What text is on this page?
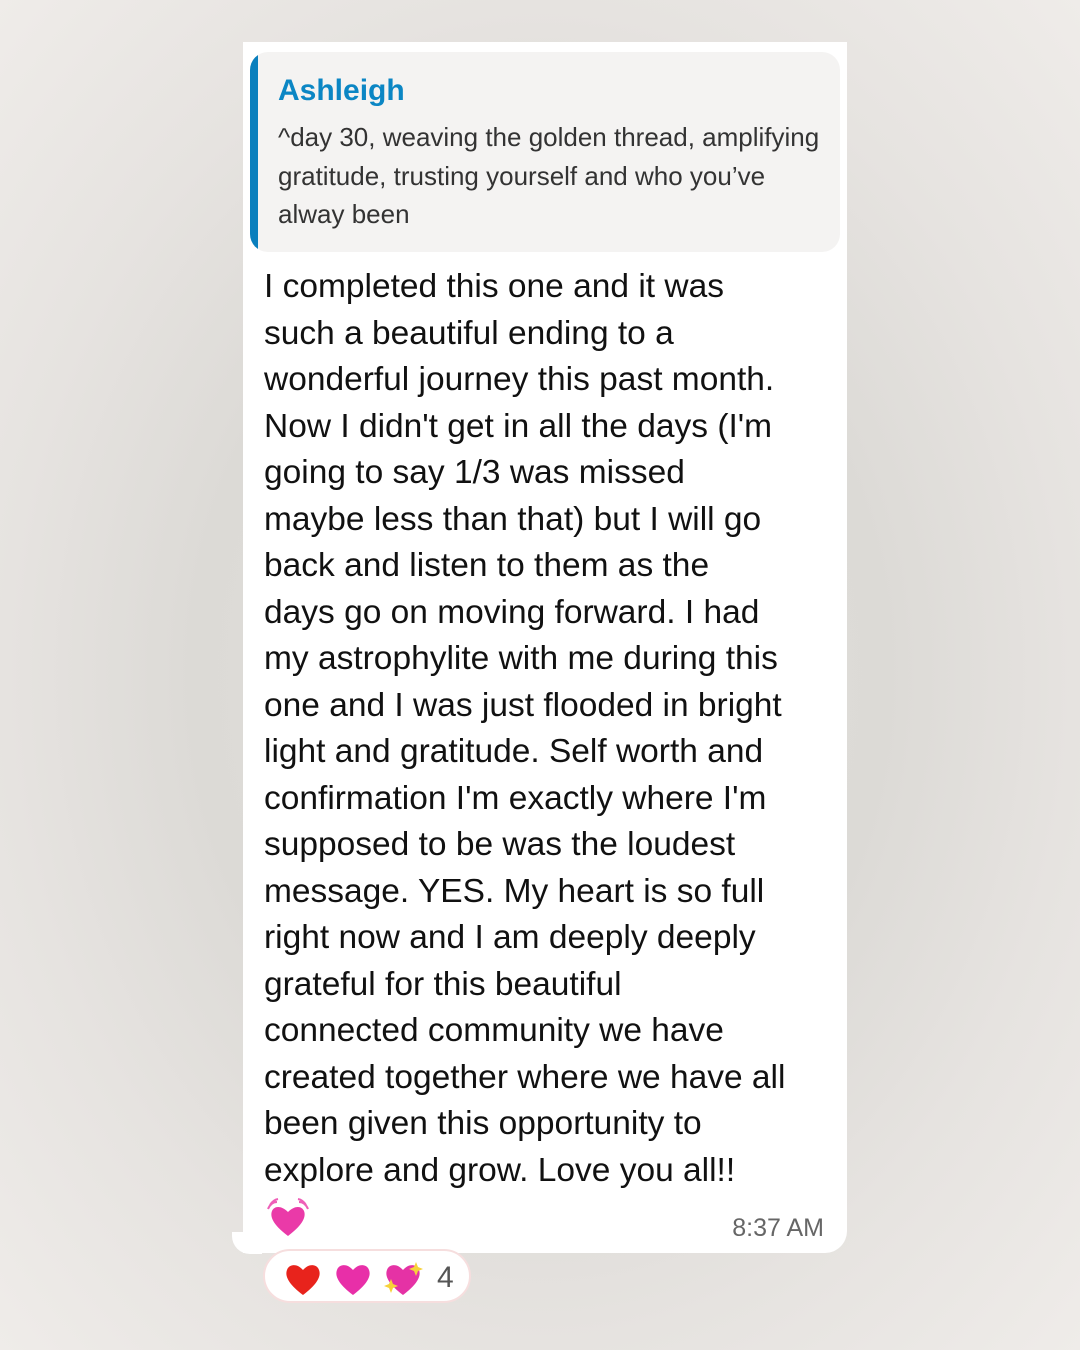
Ashleigh
^day 30, weaving the golden thread, amplifying gratitude, trusting yourself and who you’ve alway been
I completed this one and it was
such a beautiful ending to a
wonderful journey this past month.
Now I didn't get in all the days (I'm
going to say 1/3 was missed
maybe less than that) but I will go
back and listen to them as the
days go on moving forward. I had
my astrophylite with me during this
one and I was just flooded in bright
light and gratitude. Self worth and
confirmation I'm exactly where I'm
supposed to be was the loudest
message. YES. My heart is so full
right now and I am deeply deeply
grateful for this beautiful
connected community we have
created together where we have all
been given this opportunity to
explore and grow. Love you all!!
8:37 AM
4
